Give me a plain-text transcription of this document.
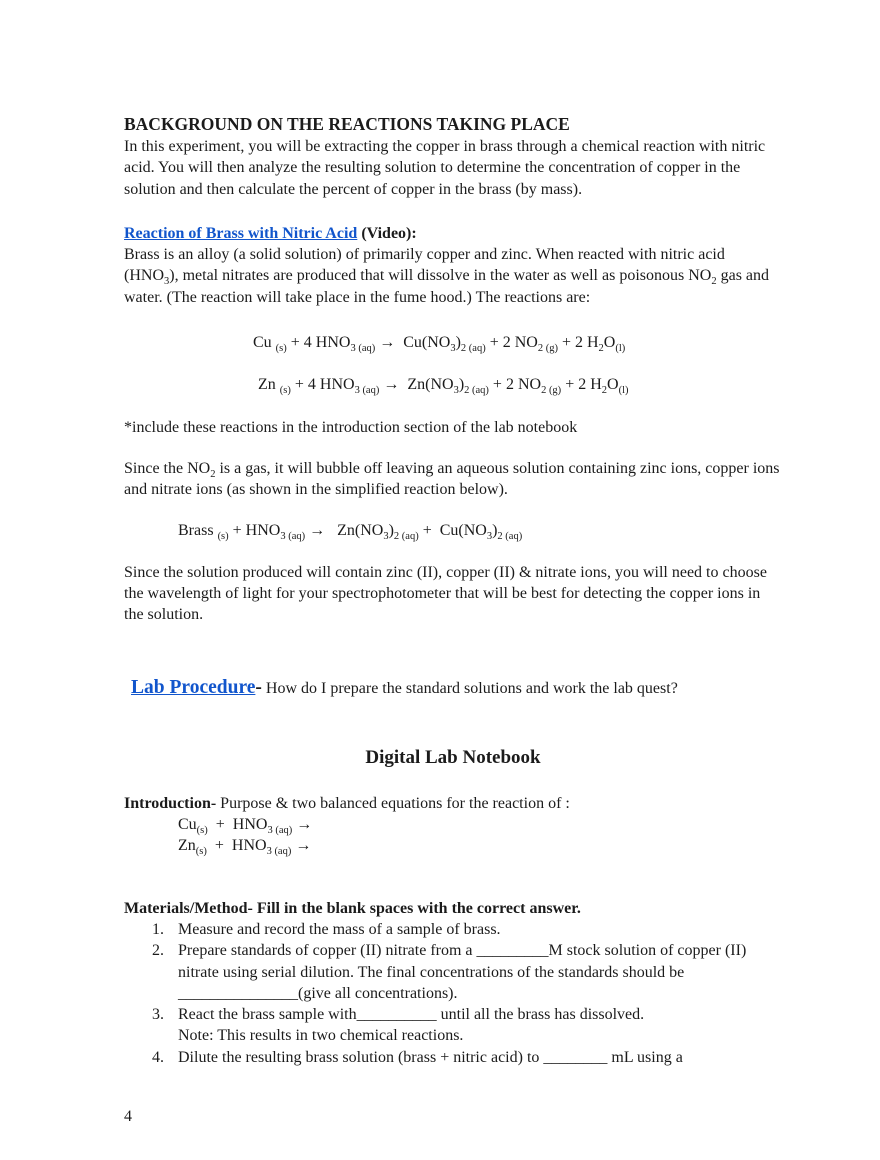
BACKGROUND ON THE REACTIONS TAKING PLACE

In this experiment, you will be extracting the copper in brass through a chemical reaction with nitric acid. You will then analyze the resulting solution to determine the concentration of copper in the solution and then calculate the percent of copper in the brass (by mass).

Reaction of Brass with Nitric Acid (Video):

Brass is an alloy (a solid solution) of primarily copper and zinc. When reacted with nitric acid $(HNO_3)$, metal nitrates are produced that will dissolve in the water as well as poisonous $NO_2$ gas and water. (The reaction will take place in the fume hood.) The reactions are:

Cu $_{(s)}$ + 4 $HNO_{3 (aq)} \to Cu(NO_3)_{2 (aq)} + 2$ $NO_{2 (g)} + 2$ $H_2O_{(l)}$

Zn $_{(s)}$ + 4 $HNO_{3 (aq)} \to Zn(NO_3)_{2 (aq)} + 2$ $NO_{2 (g)} + 2$ $H_2O_{(l)}$

*include these reactions in the introduction section of the lab notebook

Since the $NO_2$ is a gas, it will bubble off leaving an aqueous solution containing zinc ions, copper ions and nitrate ions (as shown in the simplified reaction below).

Brass $_{(s)} + HNO_{3 (aq)} \to Zn(NO_3)_{2 (aq)} + Cu(NO_3)_{2 (aq)}$

Since the solution produced will contain zinc (II), copper (II) & nitrate ions, you will need to choose the wavelength of light for your spectrophotometer that will be best for detecting the copper ions in the solution.

Lab Procedure- How do I prepare the standard solutions and work the lab quest?

Digital Lab Notebook

Introduction- Purpose & two balanced equations for the reaction of :

$Cu_{(s)} + HNO_{3 (aq)}$ →

$Zn_{(s)} + HNO_{3 (aq)}$ →

Materials/Method- Fill in the blank spaces with the correct answer.

1. Measure and record the mass of a sample of brass.
2. Prepare standards of copper (II) nitrate from a _________M stock solution of copper (II) nitrate using serial dilution. The final concentrations of the standards should be _______________(give all concentrations).
3. React the brass sample with__________ until all the brass has dissolved.
Note: This results in two chemical reactions.
4. Dilute the resulting brass solution (brass + nitric acid) to ________ mL using a
4
